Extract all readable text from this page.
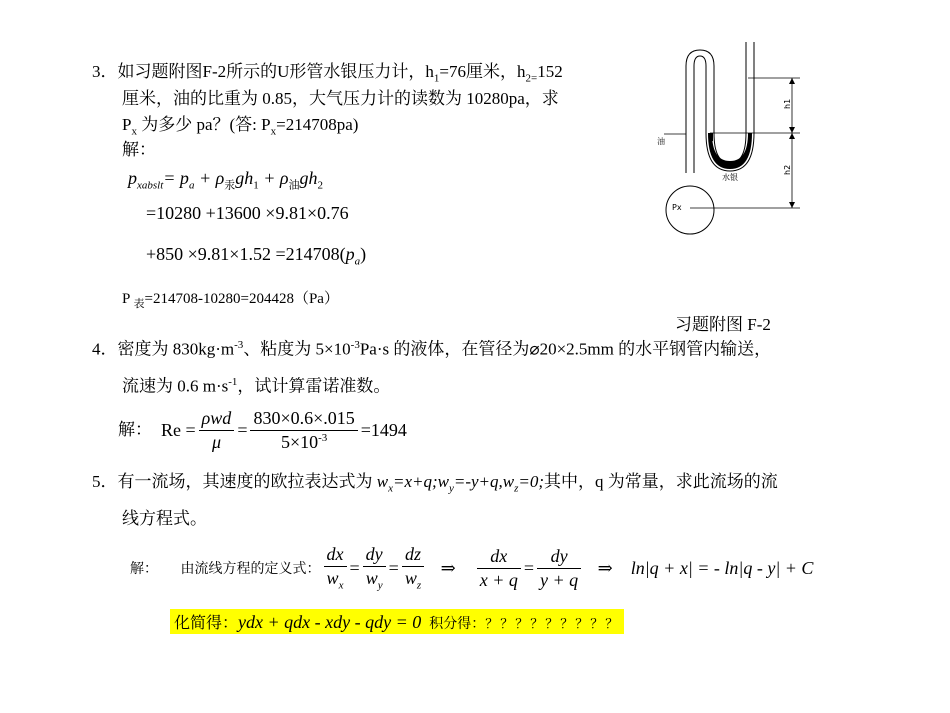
3．如习题附图F-2所示的U形管水银压力计，$h_1=76$厘米，$h_{2=}152$
厘米，油的比重为 0.85，大气压力计的读数为 10280pa，求
$P_x$ 为多少 pa？(答: $P_x=214708pa$)
解：
$p_{xabslt}= p_a + \rho_汞gh_1 + \rho_油gh_2$
=10280 +13600 ×9.81×0.76
$+850 \times 9.81\times 1.52 =214708(p_a)$
P $_表$=214708-10280=204428（Pa）
油
水银
h1
h2
Px
习题附图 F-2
4．密度为 $830kg\cdot m^{-3}$、粘度为 $5\times 10^{-3}Pa\cdot s$ 的液体，在管径为⌀20×2.5mm 的水平钢管内输送，
流速为 0.6 $m\cdot s^{-1}$，试计算雷诺准数。
解：
$Re = \frac{\text{ρwd}}{\mu} = \frac{830\times 0.6\times.015}{5\times 10^{-3}} =1494$
5．有一流场，其速度的欧拉表达式为 $w_x=x+q;w_y=-y+q,w_z=0$;其中，q 为常量，求此流场的流
线方程式。
解：
由流线方程的定义式： $\frac{dx}{w_x} = \frac{dy}{w_y} = \frac{dz}{w_z}$
⇒
$\frac{dx}{x + q} = \frac{dy}{y + q}$
⇒
ln|q + x| = - ln|q - y| + C
化简得：ydx + qdx - xdy - qdy = 0 积分得：？？？？？？？？？
